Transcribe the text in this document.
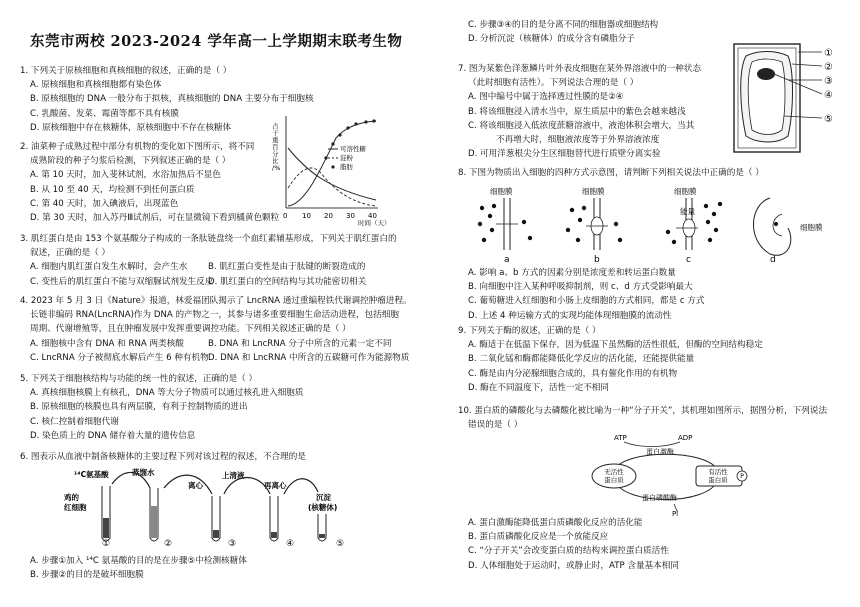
东莞市两校 2023-2024 学年高一上学期期末联考生物
1. 下列关于原核细胞和真核细胞的叙述，正确的是（ ）
A. 原核细胞和真核细胞都有染色体
B. 原核细胞的 DNA 一般分布于拟核，真核细胞的 DNA 主要分布于细胞核
C. 乳酸菌、发菜、霉菌等都不具有核膜
D. 原核细胞中存在核糖体，原核细胞中不存在核糖体
2. 油菜种子成熟过程中部分有机物的变化如下图所示，将不同
成熟阶段的种子匀浆后检测，下列叙述正确的是（ ）
A. 第 10 天时，加入斐林试剂，水浴加热后不显色
B. 从 10 至 40 天，均检测不到任何蛋白质
C. 第 40 天时，加入碘液后，出现蓝色
D. 第 30 天时，加入苏丹Ⅲ试剂后，可在显微镜下看到橘黄色颗粒
占干重百分比/%
0 10 20 30 40
时间（天）
可溶性糖
淀粉
脂肪
3. 肌红蛋白是由 153 个氨基酸分子构成的一条肽链盘绕一个血红素辅基形成，下列关于肌红蛋白的
叙述，正确的是（ ）
A. 细胞内肌红蛋白发生水解时，会产生水	B. 肌红蛋白变性是由于肽键的断裂造成的
C. 变性后的肌红蛋白不能与双缩脲试剂发生反应
D. 肌红蛋白的空间结构与其功能密切相关
4. 2023 年 5 月 3 日《Nature》报道，林爱福团队揭示了 LncRNA 通过重编程铁代谢调控肿瘤进程。
长链非编码 RNA(LncRNA)作为 DNA 的产物之一，其参与诸多重要细胞生命活动进程，包括细胞
周期、代谢增殖等，且在肿瘤发展中发挥重要调控功能。下列相关叙述正确的是（ ）
A. 细胞核中含有 DNA 和 RNA 两类核酸	B. DNA 和 LncRNA 分子中所含的元素一定不同
C. LncRNA 分子被彻底水解后产生 6 种有机物 D. DNA 和 LncRNA 中所含的五碳糖可作为能源物质
5. 下列关于细胞核结构与功能的统一性的叙述，正确的是（ ）
A. 真核细胞核膜上有核孔，DNA 等大分子物质可以通过核孔进入细胞质
B. 原核细胞的核膜也具有两层膜，有利于控制物质的进出
C. 核仁控制着细胞代谢
D. 染色质上的 DNA 储存着大量的遗传信息
6. 图表示从血液中制备核糖体的主要过程下列对该过程的叙述，不合理的是
¹⁴C氨基酸	蒸馏水
离心
上清液
再离心
沉淀
(核糖体)
鸡的
红细胞
①	②	③	④	⑤
A. 步骤①加入 ¹⁴C 氨基酸的目的是在步骤⑤中检测核糖体
B. 步骤②的目的是破坏细胞膜
C. 步骤③④的目的是分离不同的细胞器或细胞结构
D. 分析沉淀（核糖体）的成分含有磷脂分子
7. 图为某紫色洋葱鳞片叶外表皮细胞在某外界溶液中的一种状态
（此时细胞有活性）。下列说法合理的是（ ）
A. 图中编号中属于选择透过性膜的是②④
B. 将该细胞浸入清水当中，原生质层中的紫色会越来越浅
C. 将该细胞浸入低浓度蔗糖溶液中，液泡体积会增大，当其
不再增大时，细胞液浓度等于外界溶液浓度
D. 可用洋葱根尖分生区细胞替代进行质壁分离实验
①
②
③
④
⑤
8. 下图为物质出入细胞的四种方式示意图，请判断下列相关说法中正确的是（ ）
细胞膜	细胞膜	细胞膜
能量
细胞膜
a	b	c	d
A. 影响 a、b 方式的因素分别是浓度差和转运蛋白数量
B. 向细胞中注入某种呼吸抑制剂，则 c、d 方式受影响最大
C. 葡萄糖进入红细胞和小肠上皮细胞的方式相同，都是 c 方式
D. 上述 4 种运输方式的实现均能体现细胞膜的流动性
9. 下列关于酶的叙述，正确的是（ ）
A. 酶适于在低温下保存，因为低温下虽然酶的活性很低，但酶的空间结构稳定
B. 二氧化锰和酶都能降低化学反应的活化能，还能提供能量
C. 酶是由内分泌腺细胞合成的，具有催化作用的有机物
D. 酶在不同温度下，活性一定不相同
10. 蛋白质的磷酸化与去磷酸化被比喻为一种“分子开关”，其机理如图所示，据图分析，下列说法
错误的是（ ）
ATP	ADP
蛋白激酶
蛋白磷酸酶
Pi
无活性
蛋白质
有活性
蛋白质 P
A. 蛋白激酶能降低蛋白质磷酸化反应的活化能
B. 蛋白质磷酸化反应是一个放能反应
C. “分子开关”会改变蛋白质的结构来调控蛋白质活性
D. 人体细胞处于运动时，或静止时，ATP 含量基本相同
